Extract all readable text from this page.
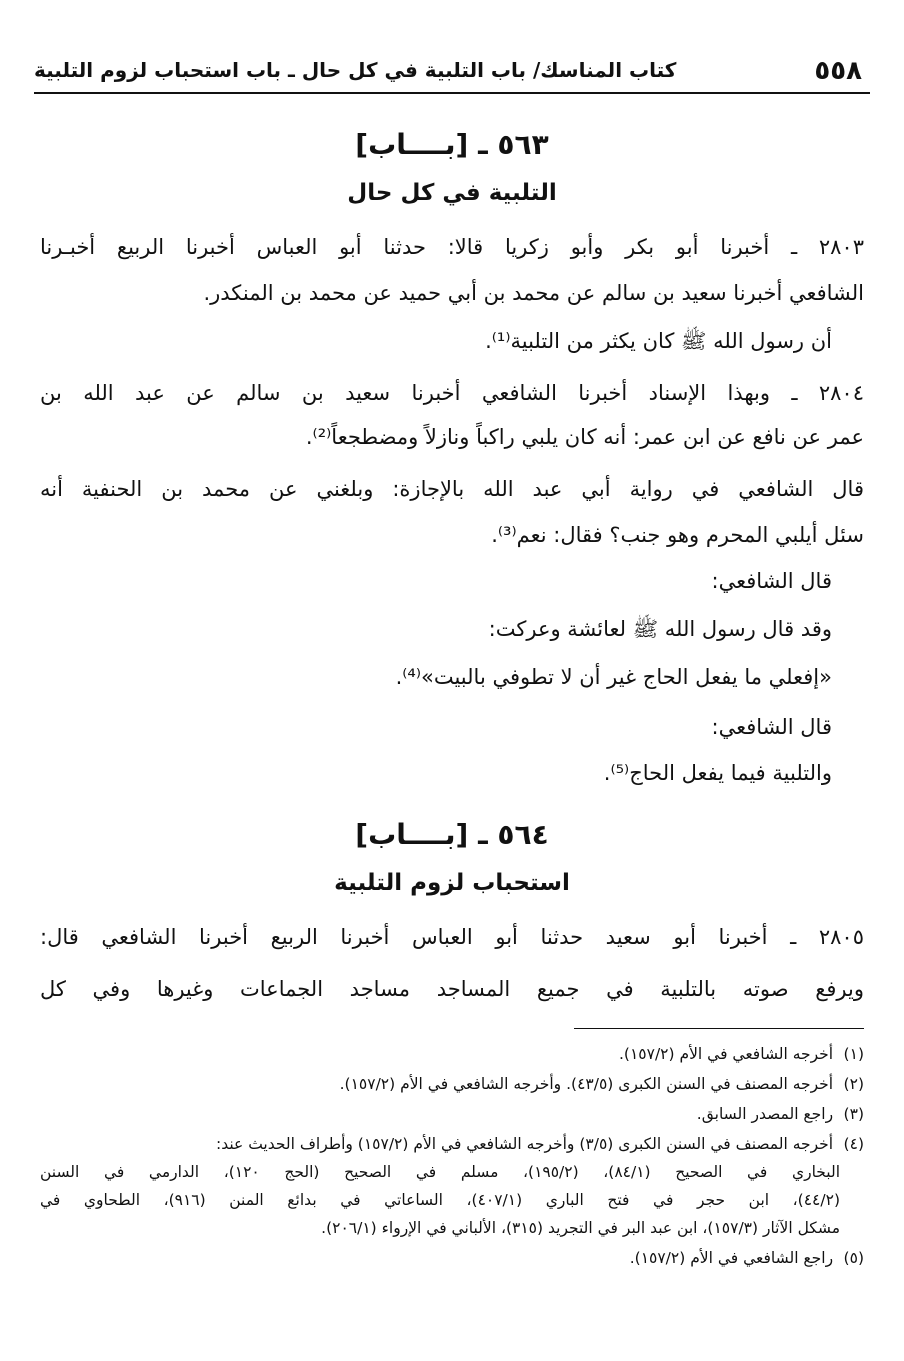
٥٥٨
كتاب المناسك/ باب التلبية في كل حال ـ باب استحباب لزوم التلبية
٥٦٣ ـ [بــــاب]
التلبية في كل حال
٢٨٠٣ ـ أخبرنا أبو بكر وأبو زكريا قالا: حدثنا أبو العباس أخبرنا الربيع أخبـرنا
الشافعي أخبرنا سعيد بن سالم عن محمد بن أبي حميد عن محمد بن المنكدر.
أن رسول الله ﷺ كان يكثر من التلبية⁽¹⁾.
٢٨٠٤ ـ وبهذا الإسناد أخبرنا الشافعي أخبرنا سعيد بن سالم عن عبد الله بن
عمر عن نافع عن ابن عمر: أنه كان يلبي راكباً ونازلاً ومضطجعاً⁽²⁾.
قال الشافعي في رواية أبي عبد الله بالإجازة: وبلغني عن محمد بن الحنفية أنه
سئل أيلبي المحرم وهو جنب؟ فقال: نعم⁽³⁾.
قال الشافعي:
وقد قال رسول الله ﷺ لعائشة وعركت:
«إفعلي ما يفعل الحاج غير أن لا تطوفي بالبيت»⁽⁴⁾.
قال الشافعي:
والتلبية فيما يفعل الحاج⁽⁵⁾.
٥٦٤ ـ [بــــاب]
استحباب لزوم التلبية
٢٨٠٥ ـ أخبرنا أبو سعيد حدثنا أبو العباس أخبرنا الربيع أخبرنا الشافعي قال:
ويرفع صوته بالتلبية في جميع المساجد مساجد الجماعات وغيرها وفي كل
(١) أخرجه الشافعي في الأم (١٥٧/٢).
(٢) أخرجه المصنف في السنن الكبرى (٤٣/٥). وأخرجه الشافعي في الأم (١٥٧/٢).
(٣) راجع المصدر السابق.
(٤) أخرجه المصنف في السنن الكبرى (٣/٥) وأخرجه الشافعي في الأم (١٥٧/٢) وأطراف الحديث عند:
البخاري في الصحيح (٨٤/١)، (١٩٥/٢)، مسلم في الصحيح (الحج ١٢٠)، الدارمي في السنن
(٤٤/٢)، ابن حجر في فتح الباري (٤٠٧/١)، الساعاتي في بدائع المنن (٩١٦)، الطحاوي في
مشكل الآثار (١٥٧/٣)، ابن عبد البر في التجريد (٣١٥)، الألباني في الإرواء (٢٠٦/١).
(٥) راجع الشافعي في الأم (١٥٧/٢).
